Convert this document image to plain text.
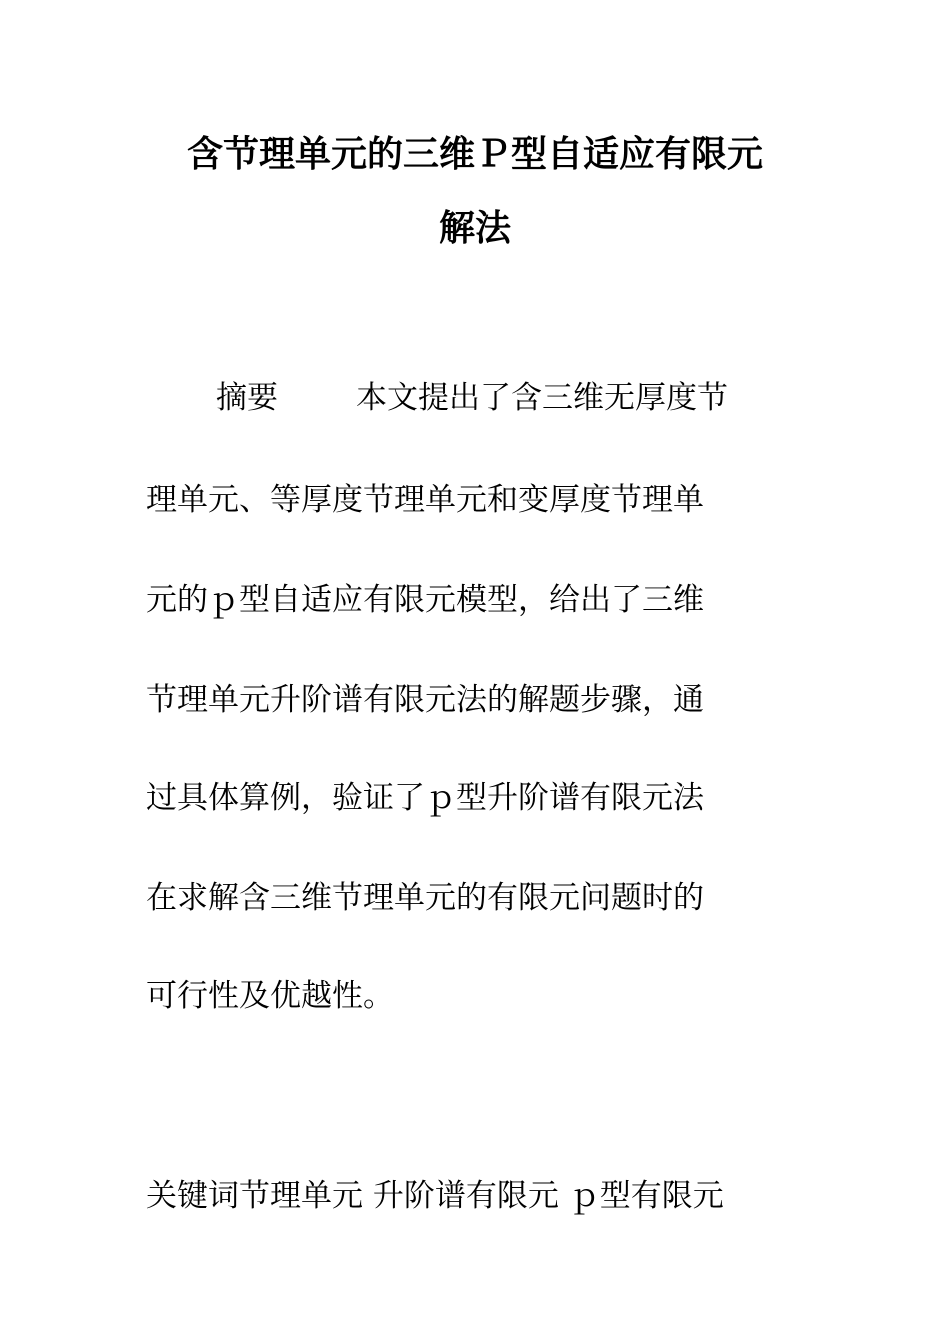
含节理单元的三维Ｐ型自适应有限元
解法
摘要	本文提出了含三维无厚度节
理单元、等厚度节理单元和变厚度节理单
元的ｐ型自适应有限元模型，给出了三维
节理单元升阶谱有限元法的解题步骤，通
过具体算例，验证了ｐ型升阶谱有限元法
在求解含三维节理单元的有限元问题时的
可行性及优越性。
关键词节理单元 升阶谱有限元 ｐ型有限元
